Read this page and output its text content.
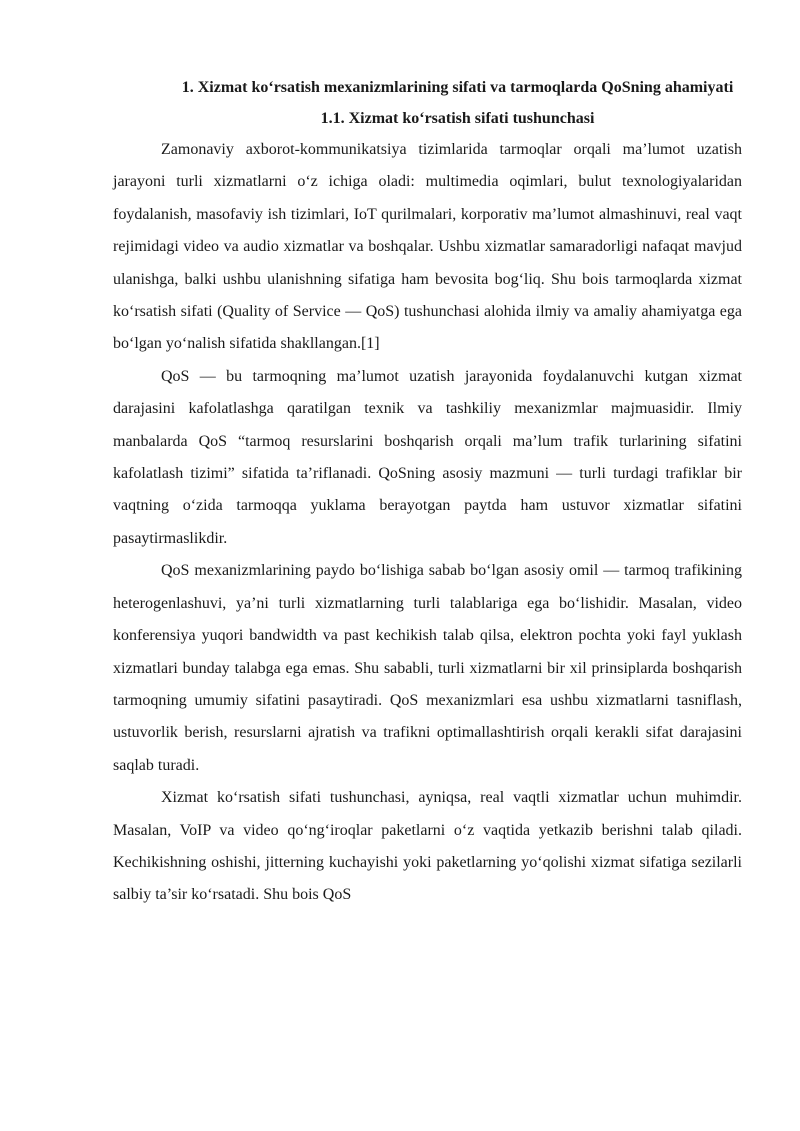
1. Xizmat ko‘rsatish mexanizmlarining sifati va tarmoqlarda QoSning ahamiyati
1.1. Xizmat ko‘rsatish sifati tushunchasi

Zamonaviy axborot-kommunikatsiya tizimlarida tarmoqlar orqali ma’lumot uzatish jarayoni turli xizmatlarni o‘z ichiga oladi: multimedia oqimlari, bulut texnologiyalaridan foydalanish, masofaviy ish tizimlari, IoT qurilmalari, korporativ ma’lumot almashinuvi, real vaqt rejimidagi video va audio xizmatlar va boshqalar. Ushbu xizmatlar samaradorligi nafaqat mavjud ulanishga, balki ushbu ulanishning sifatiga ham bevosita bog‘liq. Shu bois tarmoqlarda xizmat ko‘rsatish sifati (Quality of Service — QoS) tushunchasi alohida ilmiy va amaliy ahamiyatga ega bo‘lgan yo‘nalish sifatida shakllangan.[1]

QoS — bu tarmoqning ma’lumot uzatish jarayonida foydalanuvchi kutgan xizmat darajasini kafolatlashga qaratilgan texnik va tashkiliy mexanizmlar majmuasidir. Ilmiy manbalarda QoS “tarmoq resurslarini boshqarish orqali ma’lum trafik turlarining sifatini kafolatlash tizimi” sifatida ta’riflanadi. QoSning asosiy mazmuni — turli turdagi trafiklar bir vaqtning o‘zida tarmoqqa yuklama berayotgan paytda ham ustuvor xizmatlar sifatini pasaytirmaslikdir.

QoS mexanizmlarining paydo bo‘lishiga sabab bo‘lgan asosiy omil — tarmoq trafikining heterogenlashuvi, ya’ni turli xizmatlarning turli talablariga ega bo‘lishidir. Masalan, video konferensiya yuqori bandwidth va past kechikish talab qilsa, elektron pochta yoki fayl yuklash xizmatlari bunday talabga ega emas. Shu sababli, turli xizmatlarni bir xil prinsiplarda boshqarish tarmoqning umumiy sifatini pasaytiradi. QoS mexanizmlari esa ushbu xizmatlarni tasniflash, ustuvorlik berish, resurslarni ajratish va trafikni optimallashtirish orqali kerakli sifat darajasini saqlab turadi.

Xizmat ko‘rsatish sifati tushunchasi, ayniqsa, real vaqtli xizmatlar uchun muhimdir. Masalan, VoIP va video qo‘ng‘iroqlar paketlarni o‘z vaqtida yetkazib berishni talab qiladi. Kechikishning oshishi, jitterning kuchayishi yoki paketlarning yo‘qolishi xizmat sifatiga sezilarli salbiy ta’sir ko‘rsatadi. Shu bois QoS
